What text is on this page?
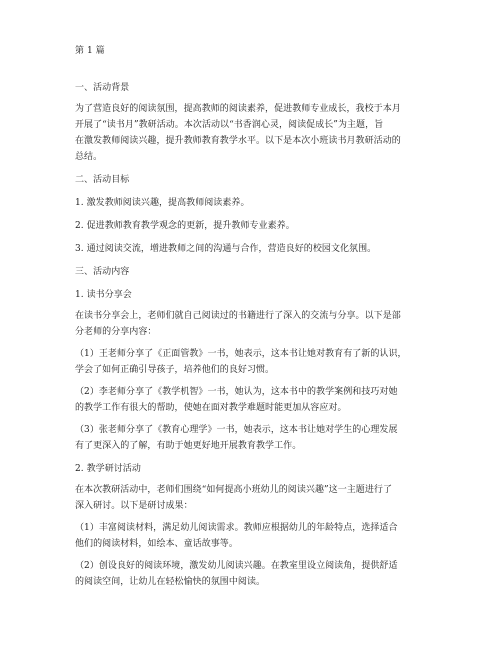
第 1 篇
一、活动背景
为了营造良好的阅读氛围，提高教师的阅读素养，促进教师专业成长，我校于本月
开展了“读书月”教研活动。本次活动以“书香润心灵，阅读促成长”为主题，旨
在激发教师阅读兴趣，提升教师教育教学水平。以下是本次小班读书月教研活动的
总结。
二、活动目标
1. 激发教师阅读兴趣，提高教师阅读素养。
2. 促进教师教育教学观念的更新，提升教师专业素养。
3. 通过阅读交流，增进教师之间的沟通与合作，营造良好的校园文化氛围。
三、活动内容
1. 读书分享会
在读书分享会上，老师们就自己阅读过的书籍进行了深入的交流与分享。以下是部
分老师的分享内容：
（1）王老师分享了《正面管教》一书，她表示，这本书让她对教育有了新的认识，
学会了如何正确引导孩子，培养他们的良好习惯。
（2）李老师分享了《教学机智》一书，她认为，这本书中的教学案例和技巧对她
的教学工作有很大的帮助，使她在面对教学难题时能更加从容应对。
（3）张老师分享了《教育心理学》一书，她表示，这本书让她对学生的心理发展
有了更深入的了解，有助于她更好地开展教育教学工作。
2. 教学研讨活动
在本次教研活动中，老师们围绕“如何提高小班幼儿的阅读兴趣”这一主题进行了
深入研讨。以下是研讨成果：
（1）丰富阅读材料，满足幼儿阅读需求。教师应根据幼儿的年龄特点，选择适合
他们的阅读材料，如绘本、童话故事等。
（2）创设良好的阅读环境，激发幼儿阅读兴趣。在教室里设立阅读角，提供舒适
的阅读空间，让幼儿在轻松愉快的氛围中阅读。
